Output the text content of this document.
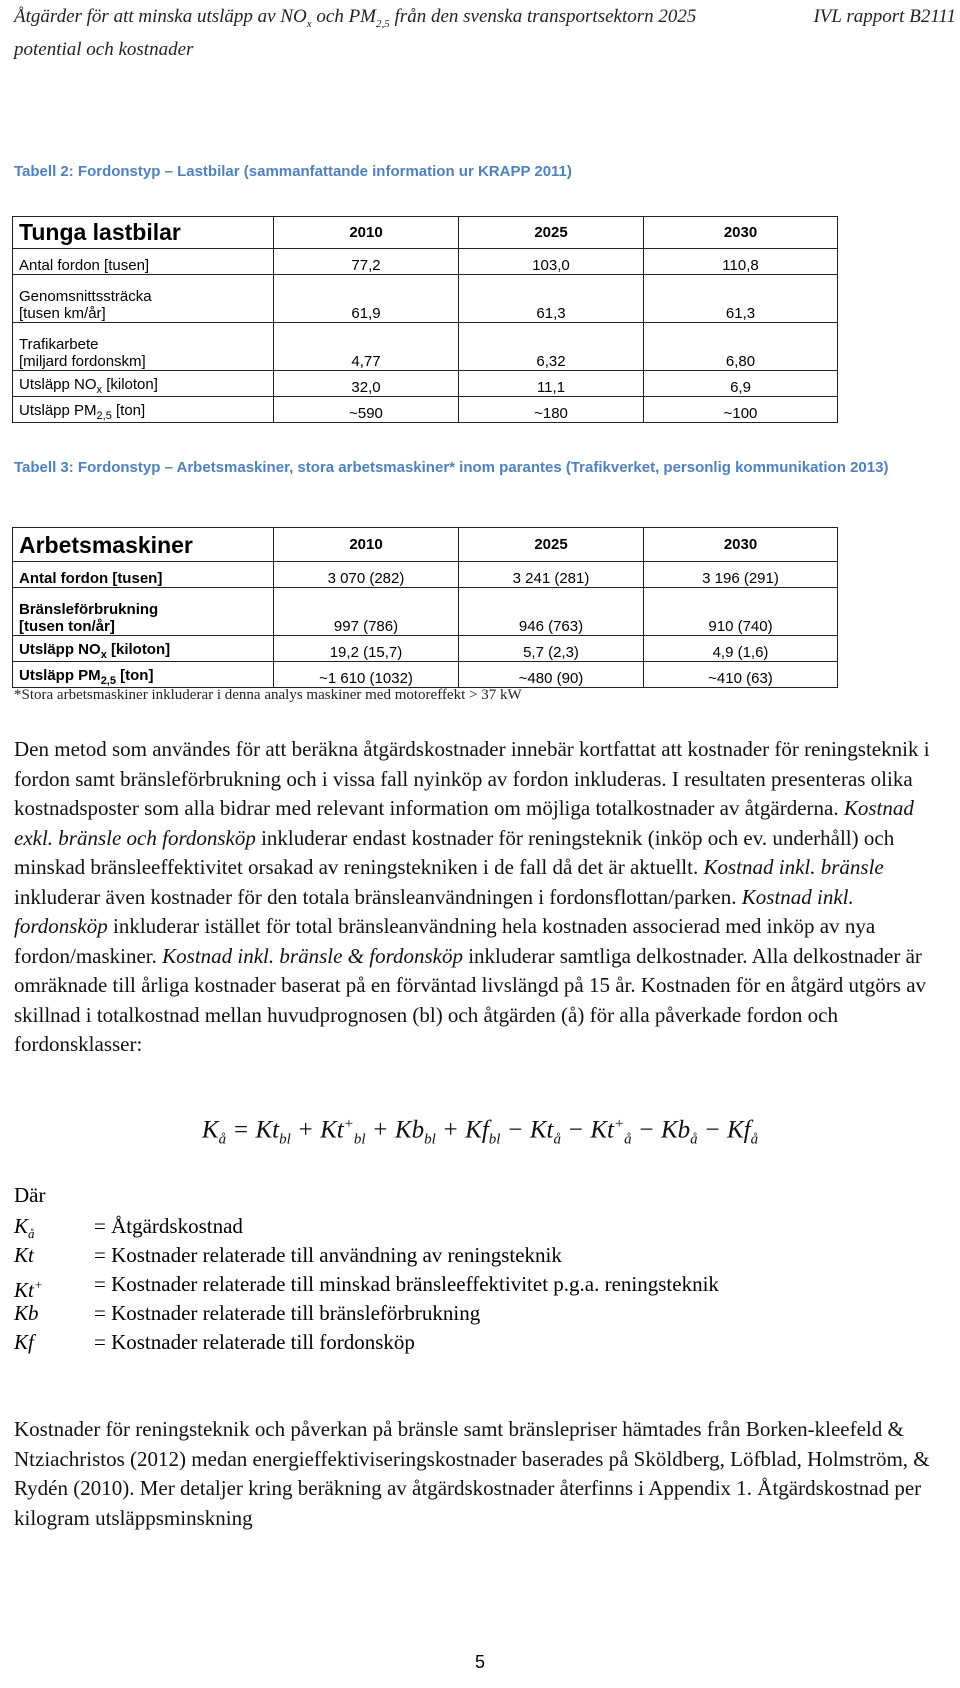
Åtgärder för att minska utsläpp av $NO_x$ och $PM_{2,5}$ från den svenska transportsektorn 2025
potential och kostnader
IVL rapport B2111
Tabell 2: Fordonstyp – Lastbilar (sammanfattande information ur KRAPP 2011)
Tunga lastbilar	2010	2025	2030
Antal fordon [tusen]	77,2	103,0	110,8

Genomsnittssträcka
[tusen km/år]	61,9	61,3	61,3

Trafikarbete
[miljard fordonskm]	4,77	6,32	6,80
Utsläpp $NO_x$ [kiloton]	32,0	11,1	6,9
Utsläpp $PM_{2,5}$ [ton]	~590	~180	~100
Tabell 3: Fordonstyp – Arbetsmaskiner, stora arbetsmaskiner* inom parantes (Trafikverket, personlig kommunikation 2013)
Arbetsmaskiner	2010	2025	2030
Antal fordon [tusen]	3 070 (282)	3 241 (281)	3 196 (291)

Bränsleförbrukning
[tusen ton/år]	997 (786)	946 (763)	910 (740)
Utsläpp $NO_x$ [kiloton]	19,2 (15,7)	5,7 (2,3)	4,9 (1,6)
Utsläpp $PM_{2,5}$ [ton]	~1 610 (1032)	~480 (90)	~410 (63)
*Stora arbetsmaskiner inkluderar i denna analys maskiner med motoreffekt > 37 kW
Den metod som användes för att beräkna åtgärdskostnader innebär kortfattat att kostnader för reningsteknik i fordon samt bränsleförbrukning och i vissa fall nyinköp av fordon inkluderas. I resultaten presenteras olika kostnadsposter som alla bidrar med relevant information om möjliga totalkostnader av åtgärderna. Kostnad exkl. bränsle och fordonsköp inkluderar endast kostnader för reningsteknik (inköp och ev. underhåll) och minskad bränsleeffektivitet orsakad av reningstekniken i de fall då det är aktuellt. Kostnad inkl. bränsle inkluderar även kostnader för den totala bränsleanvändningen i fordonsflottan/parken. Kostnad inkl. fordonsköp inkluderar istället för total bränsleanvändning hela kostnaden associerad med inköp av nya fordon/maskiner. Kostnad inkl. bränsle & fordonsköp inkluderar samtliga delkostnader. Alla delkostnader är omräknade till årliga kostnader baserat på en förväntad livslängd på 15 år. Kostnaden för en åtgärd utgörs av skillnad i totalkostnad mellan huvudprognosen (bl) och åtgärden (å) för alla påverkade fordon och fordonsklasser:
$K_å = Kt_{bl} + Kt^+_{bl} + Kb_{bl} + Kf_{bl} - Kt_å - Kt^+_å - Kb_å - Kf_å$
Där
$K_å$	= Åtgärdskostnad
Kt	= Kostnader relaterade till användning av reningsteknik
Kt+ = Kostnader relaterade till minskad bränsleeffektivitet p.g.a. reningsteknik
Kb	= Kostnader relaterade till bränsleförbrukning
Kf	= Kostnader relaterade till fordonsköp
Kostnader för reningsteknik och påverkan på bränsle samt bränslepriser hämtades från Borken-kleefeld & Ntziachristos (2012) medan energieffektiviseringskostnader baserades på Sköldberg, Löfblad, Holmström, & Rydén (2010). Mer detaljer kring beräkning av åtgärdskostnader återfinns i Appendix 1. Åtgärdskostnad per kilogram utsläppsminskning
5
